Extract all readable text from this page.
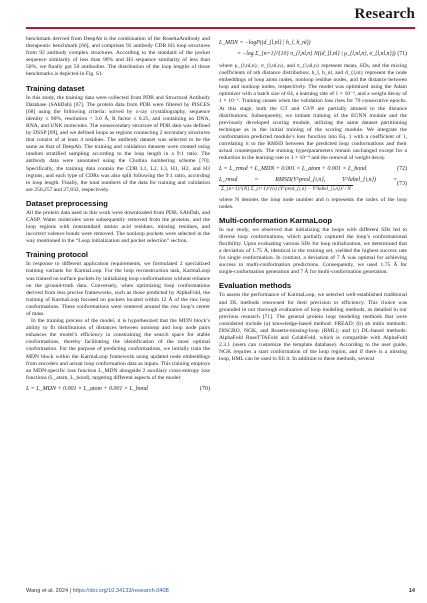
Research

benchmark derived from DeepAb is the combination of the RosettaAntibody and therapeutic benchmark [66], and comprises 92 antibody CDR H3 loop structures from 92 antibody complex structures. According to the standard of the pocket sequence similarity of less than 90% and H3 sequence similarity of less than 50%, we finally got 50 antibodies. The distribution of the loop lengths of those benchmarks is depicted in Fig. S1.

Training dataset

In this study, the training data were collected from PDB and Structural Antibody Database (SAbDab) [67]. The protein data from PDB were filtered by PISCES [68] using the following criteria: solved by x-ray crystallography, sequence identity ≤ 90%, resolution < 3.0 Å, R factor ≤ 0.25, and containing no DNA, RNA, and UNK molecules. The nonsecondary structure of PDB data was defined by DSSP [69], and we defined loops as regions connecting 2 secondary structures that consist of at least 4 residues. The antibody dataset was selected to be the same as that of DeepAb. The training and validation datasets were created using random stratified sampling according to the loop length in a 9:1 ratio. The antibody data were annotated using the Chothia numbering scheme [70]. Specifically, the training data contain the CDR L1, L2, L3, H1, H2, and H3 regions, and each type of CDRs was also split following the 9:1 ratio, according to loop length. Finally, the total numbers of the data for training and validation are 250,257 and 27,832, respectively.

Dataset preprocessing

All the protein data used in this work were downloaded from PDB, SAbDab, and CASP. Water molecules were subsequently removed from the proteins, and the loop regions with nonstandard amino acid residues, missing residues, and incorrect valence bonds were removed. The nonloop pockets were selected in the way mentioned in the “Loop initialization and pocket selection” section.

Training protocol

In response to different application requirements, we formulated 2 specialized training variants for KarmaLoop. For the loop reconstruction task, KarmaLoop was trained on surface pockets by initializing loop conformations without reliance on the ground-truth data. Conversely, when optimizing loop conformations derived from less precise frameworks, such as those predicted by AlphaFold, the training of KarmaLoop focused on pockets located within 12 Å of the raw loop conformations. These conformations were centered around the raw loop’s center of mass.

In the training process of the model, it is hypothesized that the MDN block’s ability to fit distributions of distances between nonloop and loop node pairs enhances the model’s efficiency in constraining the search space for stable conformations, thereby facilitating the identification of the most optimal conformation. For the purpose of predicting conformations, we initially train the MDN block within the KarmaLoop framework using updated node embeddings from encoders and actual loop conformation data as inputs. This training employs an MDN-specific loss function L_MDN alongside 2 auxiliary cross-entropy loss functions (L_atom, L_bond), targeting different aspects of the model:

L = L_MDN + 0.001 × L_atom + 0.001 × L_bond	(70)
L_MDN = −logP((d_{l,nl} | h_l, h_nl))
= −log Σ_{n=1}^{10} π_{l,nl,n} N((d_{l,nl} | μ_{l,nl,n}, σ_{l,nl,n})) (71)

where μ_{l,nl,n}, σ_{l,nl,n}, and π_{l,nl,n} represent mean, SDs, and the mixing coefficients of nth distance distribution; h_l, h_nl, and d_{l,nl} represent the node embeddings of loop atom nodes, nonloop residue nodes, and the distance between loop and nonloop nodes, respectively. The model was optimized using the Adam optimizer with a batch size of 64, a learning rate of 1 × 10⁻³, and a weight decay of 1 × 10⁻⁵. Training ceases when the validation loss rises for 70 consecutive epochs. At this stage, both the GT and GVP are partially attuned to the distance distributions. Subsequently, we initiate training of the EGNN module and the previously developed scoring module, utilizing the same dataset partitioning technique as in the initial training of the scoring module. We integrate the conformation predicted module’s loss function into Eq. 1 with a coefficient of 1, correlating it to the RMSD between the predicted loop conformations and their actual counterparts. The training hyperparameters remain unchanged except for a reduction in the learning rate to 1 × 10⁻⁴ and the removal of weight decay.

L = L_rmsd + L_MDN + 0.001 × L_atom + 0.001 × L_bond	(72)
L_rmsd = RMSD(Y^pred_{i,n}, Y^label_{i,n}) = Σ_{n=1}^{N} Σ_{i=1}^{n} (Y^pred_{i,n} − Y^label_{i,n})² / N
(73)

where N denotes the loop node number and n represents the index of the loop nodes.

Multi-conformation KarmaLoop

In our study, we observed that initializing the loops with different SDs led to diverse loop conformations, which partially captured the loop’s conformational flexibility. Upon evaluating various SDs for loop initialization, we determined that a deviation of 1.75 Å, identical to the training set, yielded the highest success rate for single conformation. In contrast, a deviation of 7 Å was optimal for achieving success in multi-conformation predictions. Consequently, we used 1.75 Å for single-conformation generation and 7 Å for multi-conformation generation.

Evaluation methods

To assess the performance of KarmaLoop, we selected well-established traditional and DL methods renowned for their precision or efficiency. This choice was grounded in our thorough evaluation of loop modeling methods, as detailed in our previous research [71]. The general protein loop modeling methods that were considered include (a) knowledge-based method: FREAD; (b) ab initio methods: DISGRO, NGK, and Rosetta-missing-loop (RML); and (c) DL-based methods: AlphaFold RoseTTAFold and ColabFold, which is compatible with AlphaFold 2.3.1 (users can customize the template database). According to the user guide, NGK requires a start conformation of the loop region, and if there is a missing loop, RML can be used to fill it. In addition to these methods, several

Wang et al. 2024 | https://doi.org/10.34133/research.0408	14
